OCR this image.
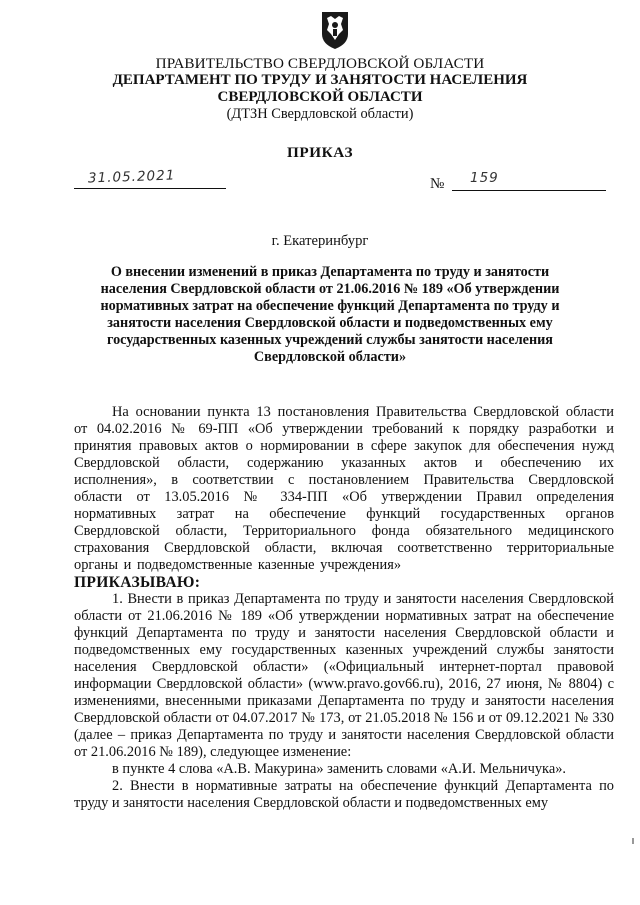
ПРАВИТЕЛЬСТВО СВЕРДЛОВСКОЙ ОБЛАСТИ
ДЕПАРТАМЕНТ ПО ТРУДУ И ЗАНЯТОСТИ НАСЕЛЕНИЯ
СВЕРДЛОВСКОЙ ОБЛАСТИ
(ДТЗН Свердловской области)
ПРИКАЗ
31.05.2021	№ 159
г. Екатеринбург
О внесении изменений в приказ Департамента по труду и занятости населения Свердловской области от 21.06.2016 № 189 «Об утверждении нормативных затрат на обеспечение функций Департамента по труду и занятости населения Свердловской области и подведомственных ему государственных казенных учреждений службы занятости населения Свердловской области»

На основании пункта 13 постановления Правительства Свердловской области от 04.02.2016 № 69-ПП «Об утверждении требований к порядку разработки и принятия правовых актов о нормировании в сфере закупок для обеспечения нужд Свердловской области, содержанию указанных актов и обеспечению их исполнения», в соответствии с постановлением Правительства Свердловской области от 13.05.2016 № 334-ПП «Об утверждении Правил определения нормативных затрат на обеспечение функций государственных органов Свердловской области, Территориального фонда обязательного медицинского страхования Свердловской области, включая соответственно территориальные органы и подведомственные казенные учреждения»

ПРИКАЗЫВАЮ:

1. Внести в приказ Департамента по труду и занятости населения Свердловской области от 21.06.2016 № 189 «Об утверждении нормативных затрат на обеспечение функций Департамента по труду и занятости населения Свердловской области и подведомственных ему государственных казенных учреждений службы занятости населения Свердловской области» («Официальный интернет-портал правовой информации Свердловской области» (www.pravo.gov66.ru), 2016, 27 июня, № 8804) с изменениями, внесенными приказами Департамента по труду и занятости населения Свердловской области от 04.07.2017 № 173, от 21.05.2018 № 156 и от 09.12.2021 № 330 (далее – приказ Департамента по труду и занятости населения Свердловской области от 21.06.2016 № 189), следующее изменение:

в пункте 4 слова «А.В. Макурина» заменить словами «А.И. Мельничука».

2. Внести в нормативные затраты на обеспечение функций Департамента по труду и занятости населения Свердловской области и подведомственных ему
